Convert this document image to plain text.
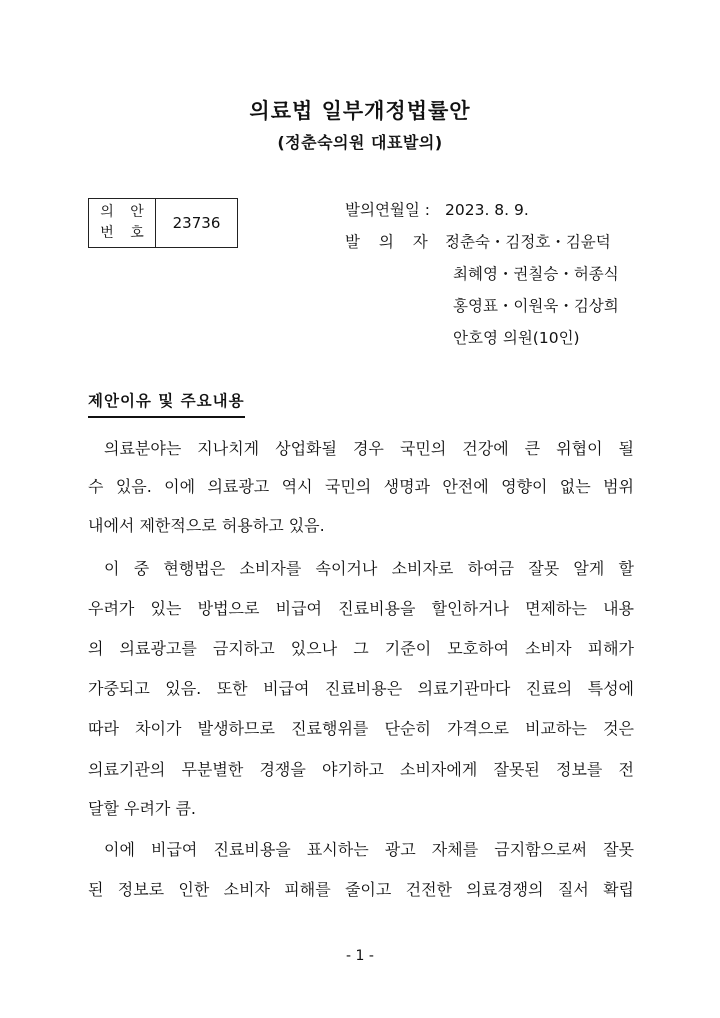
의료법 일부개정법률안
(정춘숙의원 대표발의)
의 안
번 호
23736
발의연월일 : 2023. 8. 9.
발 의 자 :정춘숙・김정호・김윤덕
최혜영・권칠승・허종식
홍영표・이원욱・김상희
안호영 의원(10인)
제안이유 및 주요내용
의료분야는 지나치게 상업화될 경우 국민의 건강에 큰 위협이 될
수 있음. 이에 의료광고 역시 국민의 생명과 안전에 영향이 없는 범위
내에서 제한적으로 허용하고 있음.
이 중 현행법은 소비자를 속이거나 소비자로 하여금 잘못 알게 할
우려가 있는 방법으로 비급여 진료비용을 할인하거나 면제하는 내용
의 의료광고를 금지하고 있으나 그 기준이 모호하여 소비자 피해가
가중되고 있음. 또한 비급여 진료비용은 의료기관마다 진료의 특성에
따라 차이가 발생하므로 진료행위를 단순히 가격으로 비교하는 것은
의료기관의 무분별한 경쟁을 야기하고 소비자에게 잘못된 정보를 전
달할 우려가 큼.
이에 비급여 진료비용을 표시하는 광고 자체를 금지함으로써 잘못
된 정보로 인한 소비자 피해를 줄이고 건전한 의료경쟁의 질서 확립
- 1 -
